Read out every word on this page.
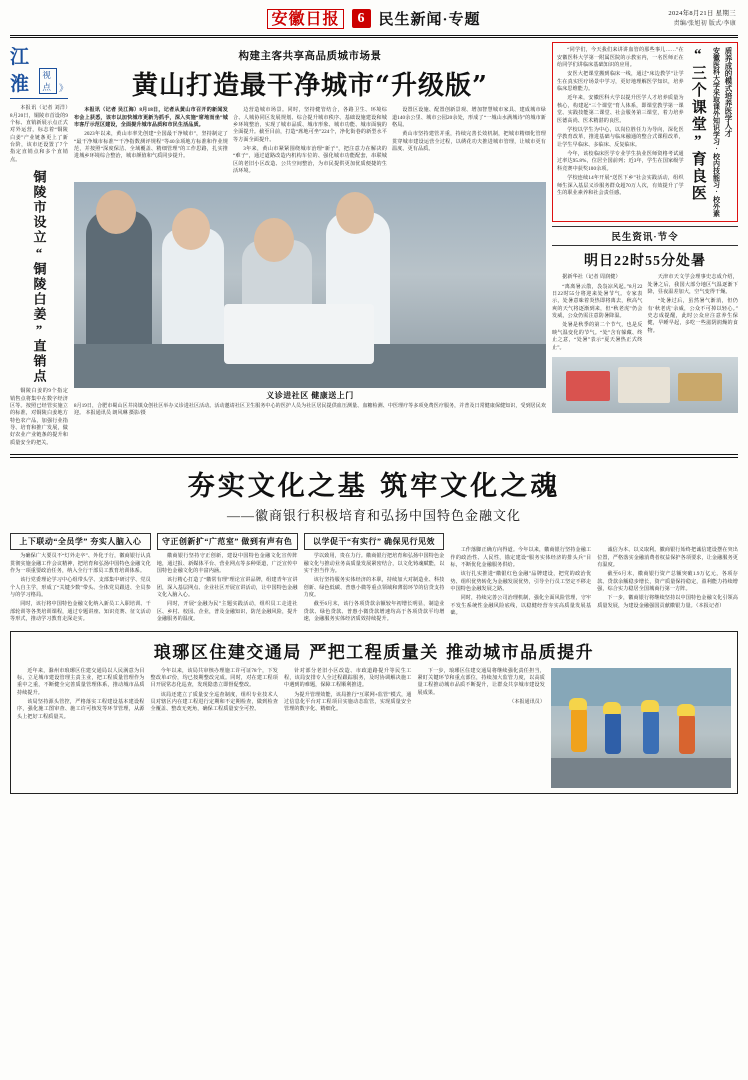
2024年8月21日 星期三
责编/张旭初 版式/李康
安徽日报	6 民生新闻·专题
江淮	视点 》

本报讯（记者 刘洋）8月20日，铜陵市首设的9个标、直销新展示点正式对外运营，标志着“铜陵白姜”产业链条更上了新台阶，该市还设置了7个指定直销点和多个直销点。

铜陵市设立“铜陵白姜”直销点

铜陵白姜的9个指定销售点将集中在数字经济区等。按照已经管实施立的标准，对铜陵白姜地方特色农产品，加强行业指导、培育和推广发展，做好农业产业链条的提升和质量安全的把关。

构建主客共享高品质城市场景
黄山打造最干净城市“升级版”

本报讯（记者 吴江海）8月18日，记者从黄山市召开的新闻发布会上获悉，该市以加快城市更新为抓手，深入实施“席地而坐”城市客厅示范区建设，全面提升城市品质和市民生活品质。

2023年以来，黄山市率先创建“全国最干净城市”，坚持制定了“最干净城市标准”“干净指数测评规程”等40余项地方标准和作业规范，并按照“深度保洁、全域覆盖、精细管理”的工作思路，扎实推进城乡环境综合整治，城市颜值和气质同步提升。

边营造城市场景。同时，坚持健管结合，各路卫生、环境综合、人城协同区发展规划、综合提升城市秩序、基础设施建设和城乡环境整治，实现了城市品质、城市形象、城市功能、城市面貌的全面提升。截至目前，打造“席地可坐”224个，净化街巷的新型水平等方面全面提升。

3年来，黄山市紧紧围绕城市治理“新子”，把注意力在解决的“难子”，通过道路改造内机构车位的、强化城市功能配套，串联城区的老旧小区改造、公共空间整治，为市民提供更加优质便捷的生活环境。

设置区设施、配置创新景观、增加智慧城市家具、建成城市绿道140余公里、城市公园20余处，形成了“一城山水满城诗”的城市新格局。

黄山市坚持建管并重，持续完善长效机制，把城市精细化管理贯穿城市建设运营全过程，以绣花功夫推进城市管理，让城市更有温度、更有品质。

义诊进社区 健康送上门
8月19日，合肥市蜀山区井岗镇众创社区举办义诊进社区活动。活动邀请社区卫生服务中心的医护人员为社区居民提供血压测量、血糖检测、中医理疗等多项免费医疗服务，并普及日常健康保健知识，受到居民欢迎。 本报通讯员 朗风琳 摄影/摄

“同学们，今天我们来讲讲血管的那些事儿……”在安徽医科大学第一附属医院的示教室内，一名医师正在给同学们讲临床基础知识的应用。

安医大把课堂搬到临床一线，通过“床边教学”让学生在真实医疗场景中学习，更好地理解医学知识，培养临床思维能力。

近年来，安徽医科大学以提升医学人才培养质量为核心，构建起“三个课堂”育人体系，即课堂教学第一课堂、实践技能第二课堂、社会服务第三课堂，着力培养医德高尚、医术精湛的良医。

学校以学生为中心，以岗位胜任力为导向，深化医学教育改革，推进基础与临床融通的整合式课程改革，让学生早临床、多临床、反复临床。

今年，该校临床医学专业学生执业医师资格考试通过率达95.8%，位居全国前列；近3年，学生在国家级学科竞赛中获奖100余项。

学校连续14年开展“送医下乡”社会实践活动，组织师生深入基层义诊服务群众超70万人次，有效提升了学生的职业素养和社会责任感。	“三个课堂”育良医 安徽医科大学采取课外知识学习·校内技能习·校外素 质养成的模式培养医学人才
民生资讯·节令
明日22时55分处暑

据新华社（记者 周润健）

“离离暑云散，袅袅凉风起。”8月22日22时55分将迎来处暑节气。专家表示，处暑意味着炎热即将离去，秋高气爽的天气将逐渐到来，但“秋老虎”仍会发威，公众仍需注意防暑降温。

处暑是秋季的第二个节气，也是反映气温变化的节气。“处”含有躲藏、终止之意，“处暑”表示“夏天暑热正式终止”。

天津市天文学会理事史志成介绍，处暑之后，我国大部分地区气温逐渐下降，昼夜温差加大，空气变得干燥。

“处暑过后，虽然暑气渐消，但仍有‘秋老虎’余威，公众不可掉以轻心。”史志成提醒，此时公众应注意养生保健，早睡早起，多吃一些滋阴润燥的食物。

夯实文化之基 筑牢文化之魂
——徽商银行积极培育和弘扬中国特色金融文化
上下联动“全员学” 夯实人脑入心

为确保广大要员不“灯外走卒”、外化于行，徽商银行认真贯彻实施金融工作会议精神，把培育和弘扬中国特色金融文化作为一项重要政治任务，纳入全行干部员工教育培训体系。

该行党委理论学习中心组带头学、支部集中研讨学、党员个人自主学，形成了“关键少数”带头、全体党员跟进、全员参与的学习格局。

同时，该行将中国特色金融文化纳入新员工入职培训、干部轮训等各类培训课程，通过专题讲座、知识竞赛、征文活动等形式，推动学习教育走深走实。

守正创新扩“广范室” 做到有声有色

徽商银行坚持守正创新，建设中国特色金融文化宣传阵地，通过报、新媒体平台、营业网点等多种渠道，广泛宣传中国特色金融文化的丰富内涵。

该行精心打造了“徽常有理”理论宣讲品牌，组建青年宣讲团，深入基层网点、企业社区开展宣讲活动，让中国特色金融文化入脑入心。

同时，开展“金融为民”主题实践活动，组织员工走进社区、乡村、校园、企业，普及金融知识，防范金融风险，提升金融服务的温度。

以学促干“有实行” 确保见行见效

学以致用，贵在力行。徽商银行把培育和弘扬中国特色金融文化与推动业务高质量发展紧密结合，以文化铸魂赋能，以实干担当作为。

该行坚持服务实体经济的本职，持续加大对制造业、科技创新、绿色低碳、普惠小微等重点领域和薄弱环节的信贷支持力度。

截至6月末，该行各项贷款余额较年初增长明显，制造业贷款、绿色贷款、普惠小微贷款增速均高于各项贷款平均增速，金融服务实体经济质效持续提升。

工作落脚正确方向得道。今年以来，徽商银行坚持金融工作的政治性、人民性，锚定建设“服务实体经济的排头兵”目标，不断优化金融服务供给。

该行扎实推进“徽银红色金融”品牌建设，把党的政治优势、组织优势转化为金融发展优势，引导全行员工坚定不移走中国特色金融发展之路。

同时，持续完善公司治理机制，强化全面风险管理，守牢不发生系统性金融风险底线，以稳健经营夯实高质量发展基础。

诚信为本、以义取利。徽商银行始终把诚信建设摆在突出位置，严格落实金融消费者权益保护各项要求，让金融服务更有温度。

截至6月末，徽商银行资产总额突破1.9万亿元，各项存款、贷款余额稳步增长，资产质量保持稳定，盈利能力持续增强，综合实力稳居全国城商行第一方阵。

下一步，徽商银行将继续坚持以中国特色金融文化引领高质量发展，为建设金融强国贡献徽银力量。（本报记者）

琅琊区住建交通局 严把工程质量关 推动城市品质提升

近年来，滁州市琅琊区住建交通局以人民满意为目标，立足城市建设管理主责主业，把工程质量管理作为重中之重，不断健全完善质量管理体系，推动城市品质持续提升。

该局坚持源头管控，严格落实工程建设基本建设程序，强化施工图审查、施工许可核发等环节管理，从源头上把好工程质量关。

今年以来，该局共审核办理施工许可证78个，下发整改单47份，均已按期整改完成。同时，对在建工程项目开展常态化巡查，发现隐患立即督促整改。

该局还建立了质量安全巡查制度，组织专业技术人员对辖区内在建工程进行定期和不定期检查，做到检查全覆盖、整改无死角，确保工程质量安全可控。

针对部分老旧小区改造、市政道路提升等民生工程，该局安排专人全过程跟踪服务，及时协调解决施工中遇到的难题，保障工程顺利推进。

为提升管理效能，该局推行“互联网+监管”模式，通过信息化平台对工程项目实施动态监管，实现质量安全管理的数字化、精细化。

下一步，琅琊区住建交通局将继续强化责任担当，紧盯关键环节和重点部位，持续加大监管力度，以高质量工程推动城市品质不断提升，让群众共享城市建设发展成果。

（本报通讯员）
